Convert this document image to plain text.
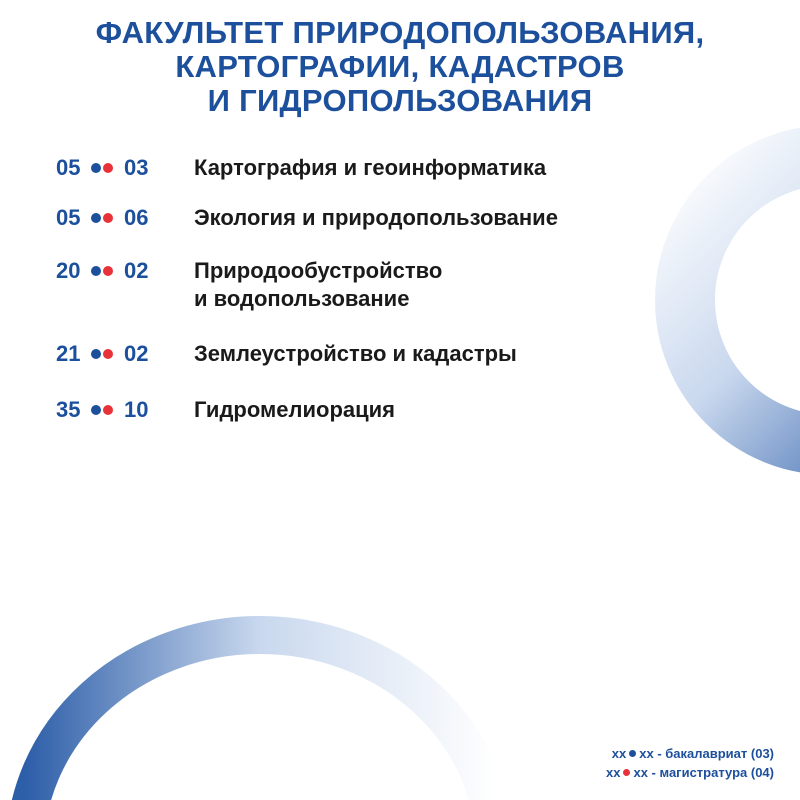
ФАКУЛЬТЕТ ПРИРОДОПОЛЬЗОВАНИЯ,
КАРТОГРАФИИ, КАДАСТРОВ
И ГИДРОПОЛЬЗОВАНИЯ
05 03 Картография и геоинформатика
05 06 Экология и природопользование
20 02 Природообустройство
и водопользование
21 02 Землеустройство и кадастры
35 10 Гидромелиорация
xx xx - бакалавриат (03)
xx xx - магистратура (04)
